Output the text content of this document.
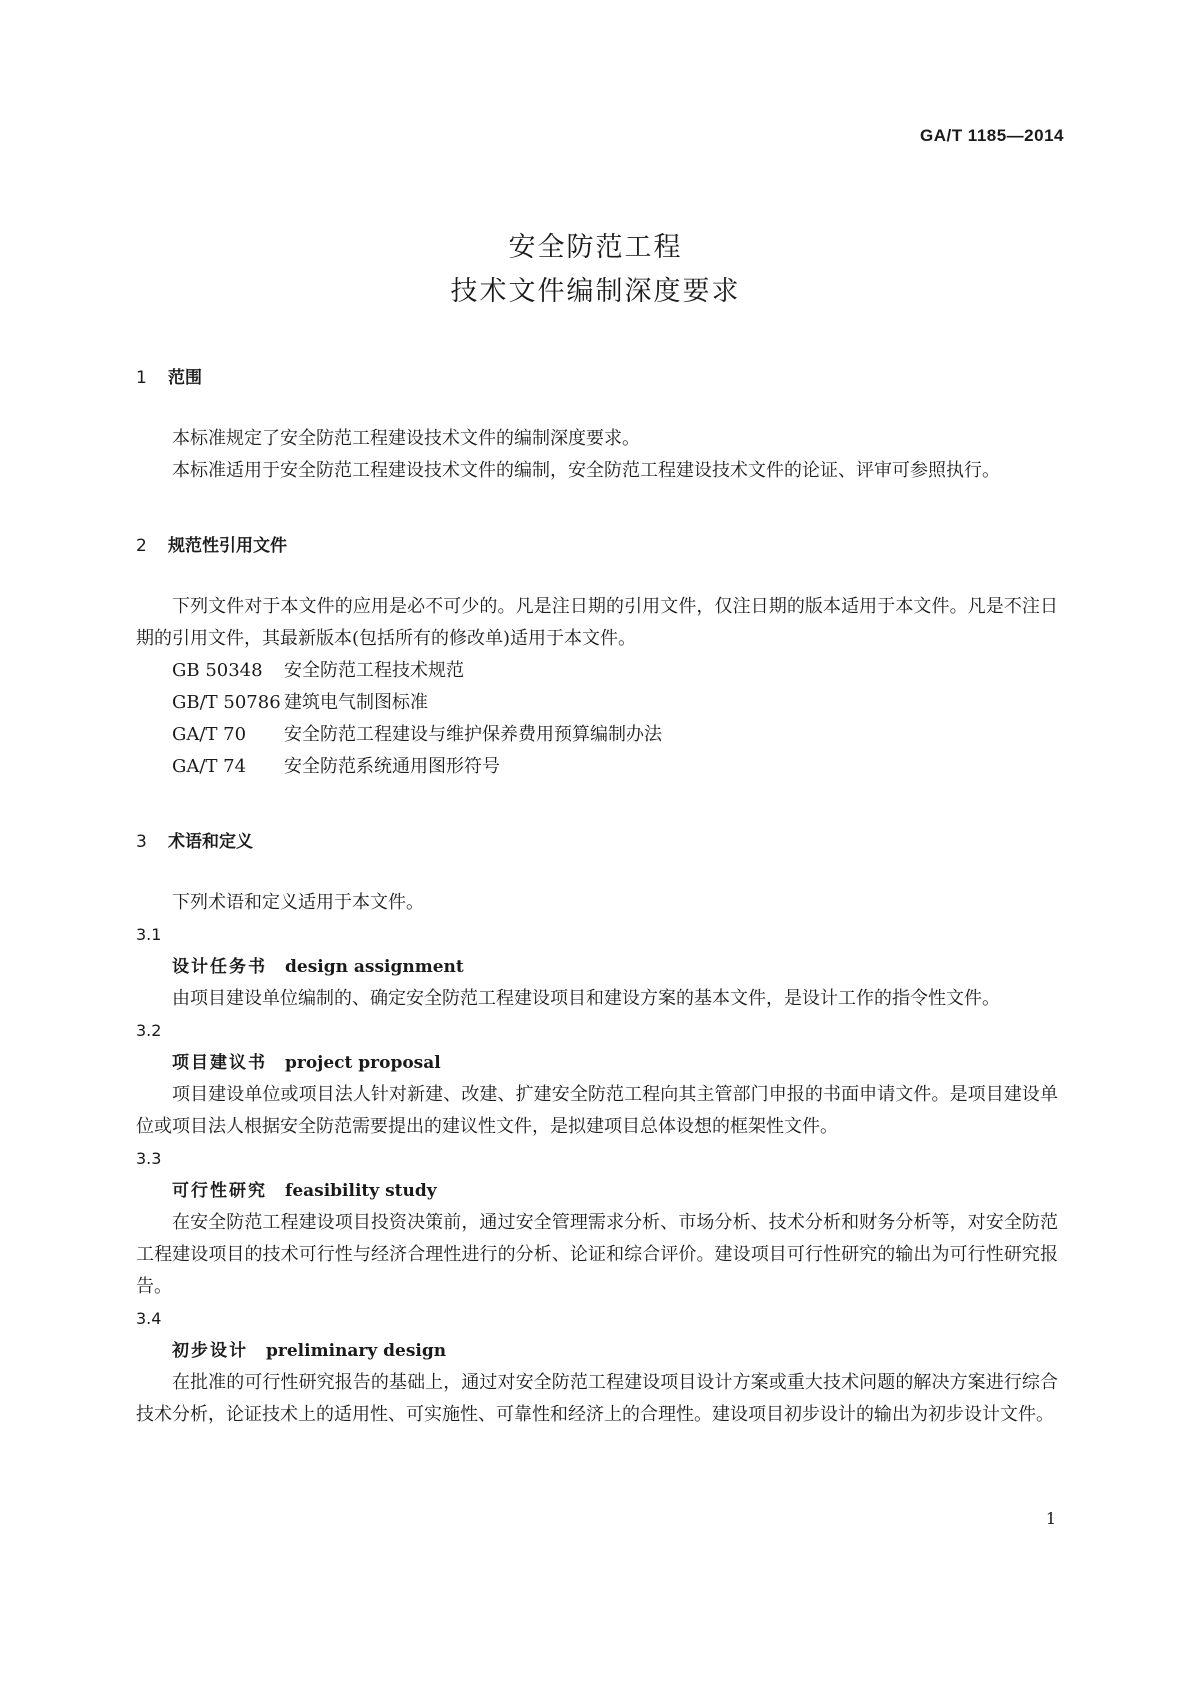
GA/T 1185—2014
安全防范工程
技术文件编制深度要求
1 范围

本标准规定了安全防范工程建设技术文件的编制深度要求。

本标准适用于安全防范工程建设技术文件的编制，安全防范工程建设技术文件的论证、评审可参照执行。

2 规范性引用文件

下列文件对于本文件的应用是必不可少的。凡是注日期的引用文件，仅注日期的版本适用于本文件。凡是不注日期的引用文件，其最新版本(包括所有的修改单)适用于本文件。

GB 50348 安全防范工程技术规范
GB/T 50786 建筑电气制图标准
GA/T 70 安全防范工程建设与维护保养费用预算编制办法
GA/T 74 安全防范系统通用图形符号
3 术语和定义

下列术语和定义适用于本文件。

3.1
设计任务书 design assignment

由项目建设单位编制的、确定安全防范工程建设项目和建设方案的基本文件，是设计工作的指令性文件。

3.2
项目建议书 project proposal

项目建设单位或项目法人针对新建、改建、扩建安全防范工程向其主管部门申报的书面申请文件。是项目建设单位或项目法人根据安全防范需要提出的建议性文件，是拟建项目总体设想的框架性文件。

3.3
可行性研究 feasibility study

在安全防范工程建设项目投资决策前，通过安全管理需求分析、市场分析、技术分析和财务分析等，对安全防范工程建设项目的技术可行性与经济合理性进行的分析、论证和综合评价。建设项目可行性研究的输出为可行性研究报告。

3.4
初步设计 preliminary design

在批准的可行性研究报告的基础上，通过对安全防范工程建设项目设计方案或重大技术问题的解决方案进行综合技术分析，论证技术上的适用性、可实施性、可靠性和经济上的合理性。建设项目初步设计的输出为初步设计文件。

1
